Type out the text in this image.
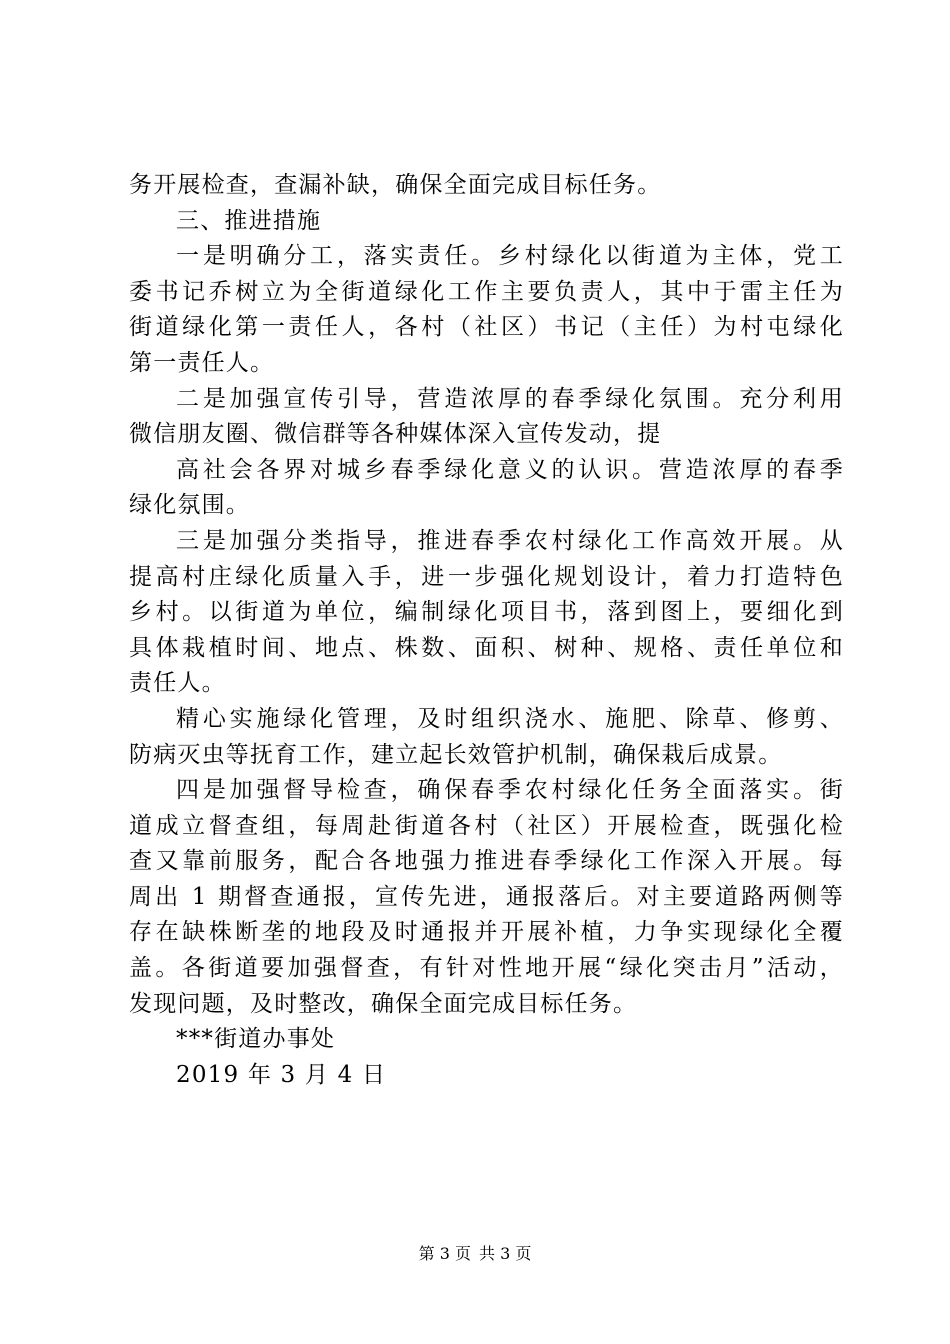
务开展检查，查漏补缺，确保全面完成目标任务。
三、推进措施
一是明确分工，落实责任。乡村绿化以街道为主体，党工
委书记乔树立为全街道绿化工作主要负责人，其中于雷主任为
街道绿化第一责任人，各村（社区）书记（主任）为村屯绿化
第一责任人。
二是加强宣传引导，营造浓厚的春季绿化氛围。充分利用
微信朋友圈、微信群等各种媒体深入宣传发动，提
高社会各界对城乡春季绿化意义的认识。营造浓厚的春季
绿化氛围。
三是加强分类指导，推进春季农村绿化工作高效开展。从
提高村庄绿化质量入手，进一步强化规划设计，着力打造特色
乡村。以街道为单位，编制绿化项目书，落到图上，要细化到
具体栽植时间、地点、株数、面积、树种、规格、责任单位和
责任人。
精心实施绿化管理，及时组织浇水、施肥、除草、修剪、
防病灭虫等抚育工作，建立起长效管护机制，确保栽后成景。
四是加强督导检查，确保春季农村绿化任务全面落实。街
道成立督查组，每周赴街道各村（社区）开展检查，既强化检
查又靠前服务，配合各地强力推进春季绿化工作深入开展。每
周出 1 期督查通报，宣传先进，通报落后。对主要道路两侧等
存在缺株断垄的地段及时通报并开展补植，力争实现绿化全覆
盖。各街道要加强督查，有针对性地开展“绿化突击月”活动，
发现问题，及时整改，确保全面完成目标任务。
***街道办事处
2019 年 3 月 4 日
第 3 页 共 3 页
